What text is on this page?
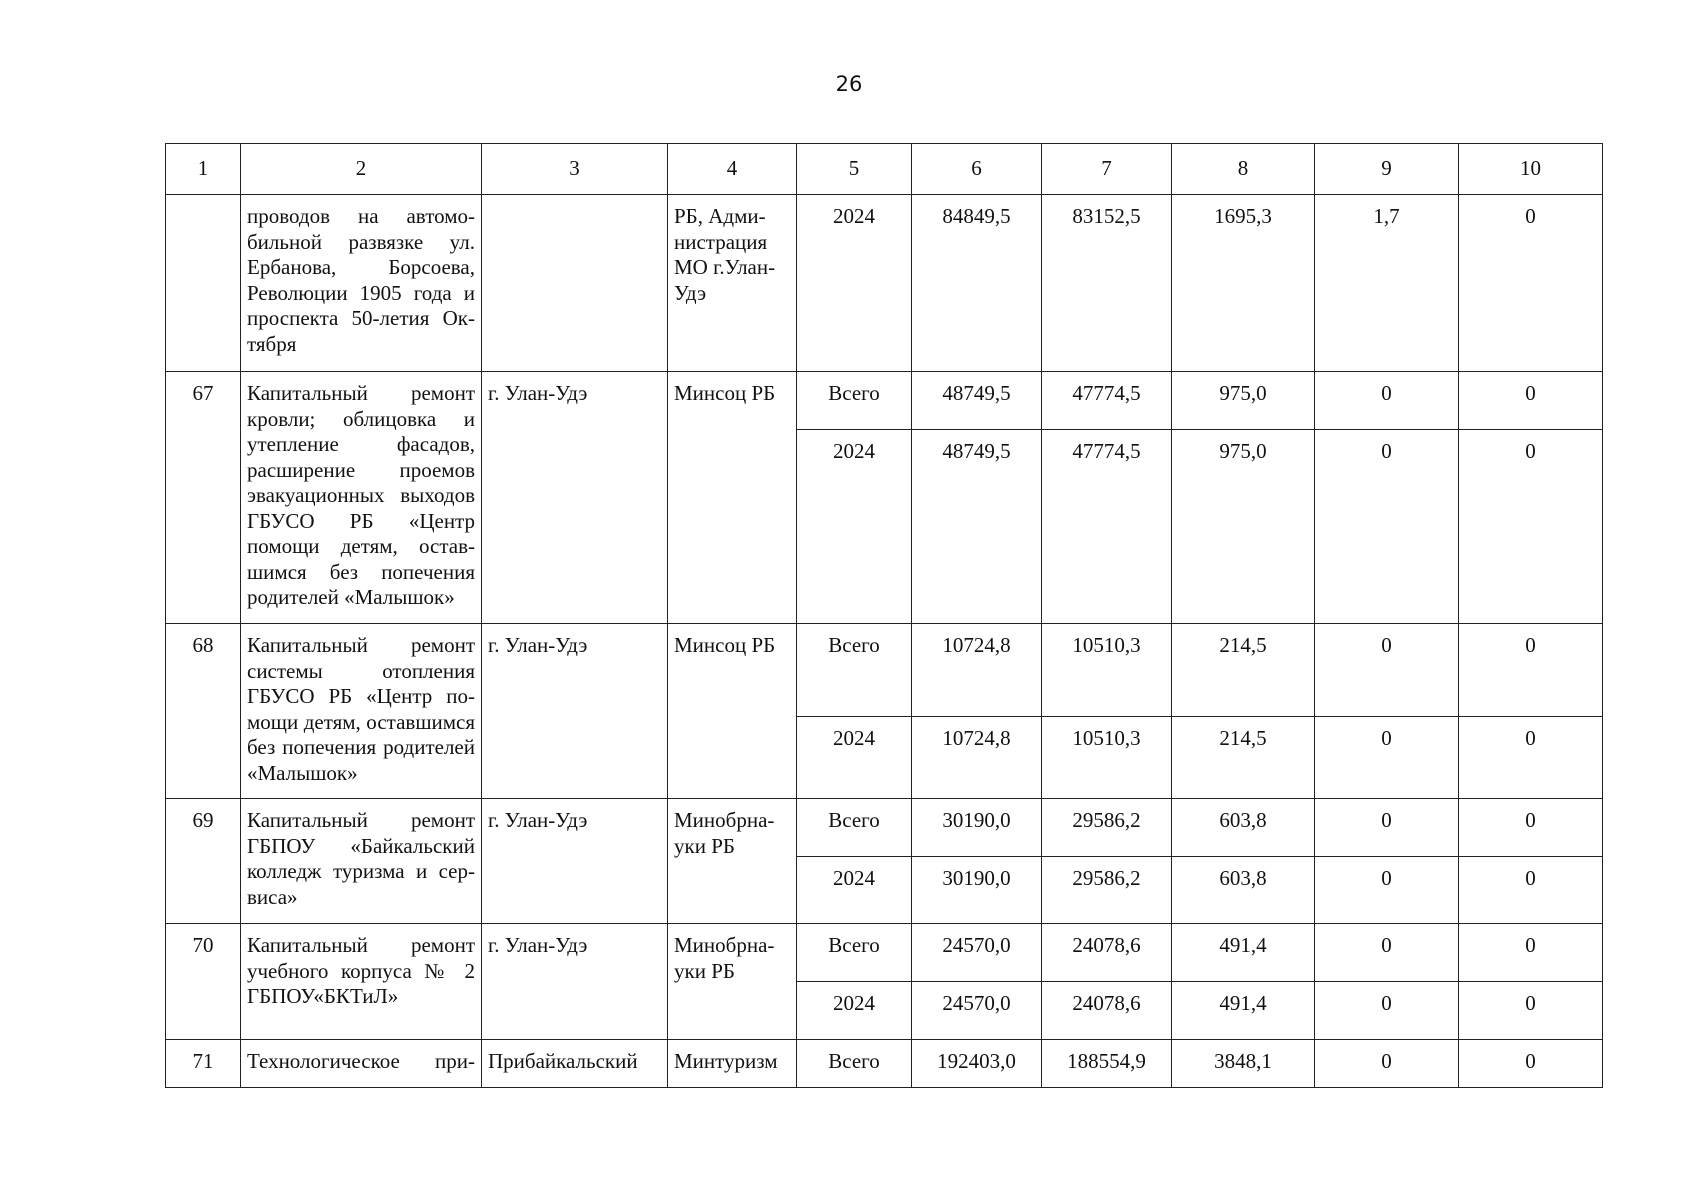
26
1	2	3	4	5	6	7	8	9	10
	проводов на автомобильной развязке ул. Ербанова, Борсоева, Революции 1905 года и проспекта 50-летия Октября		РБ, Администрация МО г.Улан-Удэ	2024	84849,5	83152,5	1695,3	1,7	0
67	Капитальный ремонт кровли; облицовка и утепление фасадов, расширение проемов эвакуационных выходов ГБУСО РБ «Центр помощи детям, оставшимся без попечения родителей «Малышок»	г. Улан-Удэ	Минсоц РБ	Всего	48749,5	47774,5	975,0	0	0
				2024	48749,5	47774,5	975,0	0	0
68	Капитальный ремонт системы отопления ГБУСО РБ «Центр помощи детям, оставшимся без попечения родителей «Малышок»	г. Улан-Удэ	Минсоц РБ	Всего	10724,8	10510,3	214,5	0	0
				2024	10724,8	10510,3	214,5	0	0
69	Капитальный ремонт ГБПОУ «Байкальский колледж туризма и сервиса»	г. Улан-Удэ	Минобрнауки РБ	Всего	30190,0	29586,2	603,8	0	0
				2024	30190,0	29586,2	603,8	0	0
70	Капитальный ремонт учебного корпуса № 2 ГБПОУ«БКТиЛ»	г. Улан-Удэ	Минобрнауки РБ	Всего	24570,0	24078,6	491,4	0	0
				2024	24570,0	24078,6	491,4	0	0
71	Технологическое при-	Прибайкальский	Минтуризм	Всего	192403,0	188554,9	3848,1	0	0
